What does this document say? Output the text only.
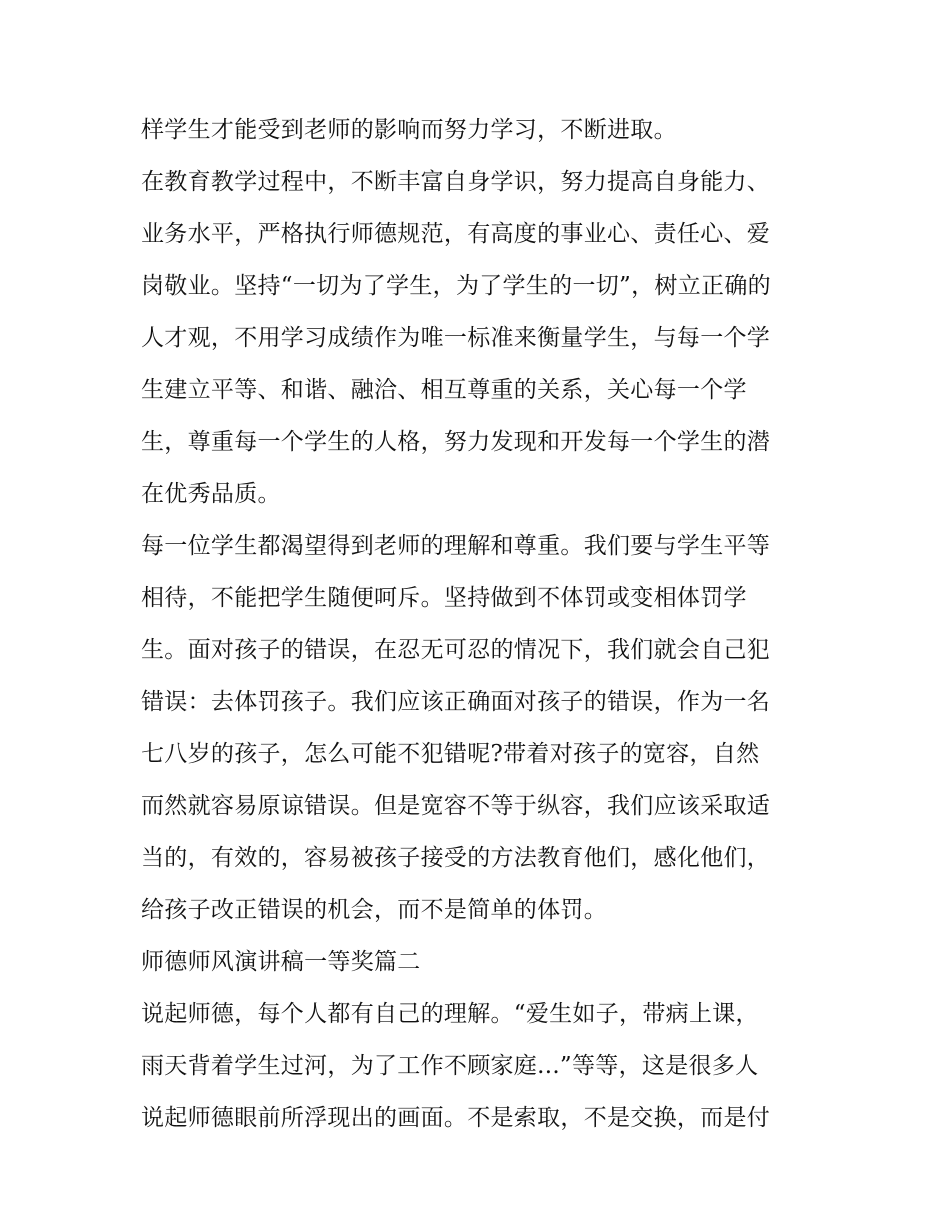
样学生才能受到老师的影响而努力学习，不断进取。
在教育教学过程中，不断丰富自身学识，努力提高自身能力、
业务水平，严格执行师德规范，有高度的事业心、责任心、爱
岗敬业。坚持“一切为了学生，为了学生的一切”，树立正确的
人才观，不用学习成绩作为唯一标准来衡量学生，与每一个学
生建立平等、和谐、融洽、相互尊重的关系，关心每一个学
生，尊重每一个学生的人格，努力发现和开发每一个学生的潜
在优秀品质。
每一位学生都渴望得到老师的理解和尊重。我们要与学生平等
相待，不能把学生随便呵斥。坚持做到不体罚或变相体罚学
生。面对孩子的错误，在忍无可忍的情况下，我们就会自己犯
错误：去体罚孩子。我们应该正确面对孩子的错误，作为一名
七八岁的孩子，怎么可能不犯错呢?带着对孩子的宽容，自然
而然就容易原谅错误。但是宽容不等于纵容，我们应该采取适
当的，有效的，容易被孩子接受的方法教育他们，感化他们，
给孩子改正错误的机会，而不是简单的体罚。
师德师风演讲稿一等奖篇二
说起师德，每个人都有自己的理解。“爱生如子，带病上课，
雨天背着学生过河，为了工作不顾家庭...”等等，这是很多人
说起师德眼前所浮现出的画面。不是索取，不是交换，而是付
